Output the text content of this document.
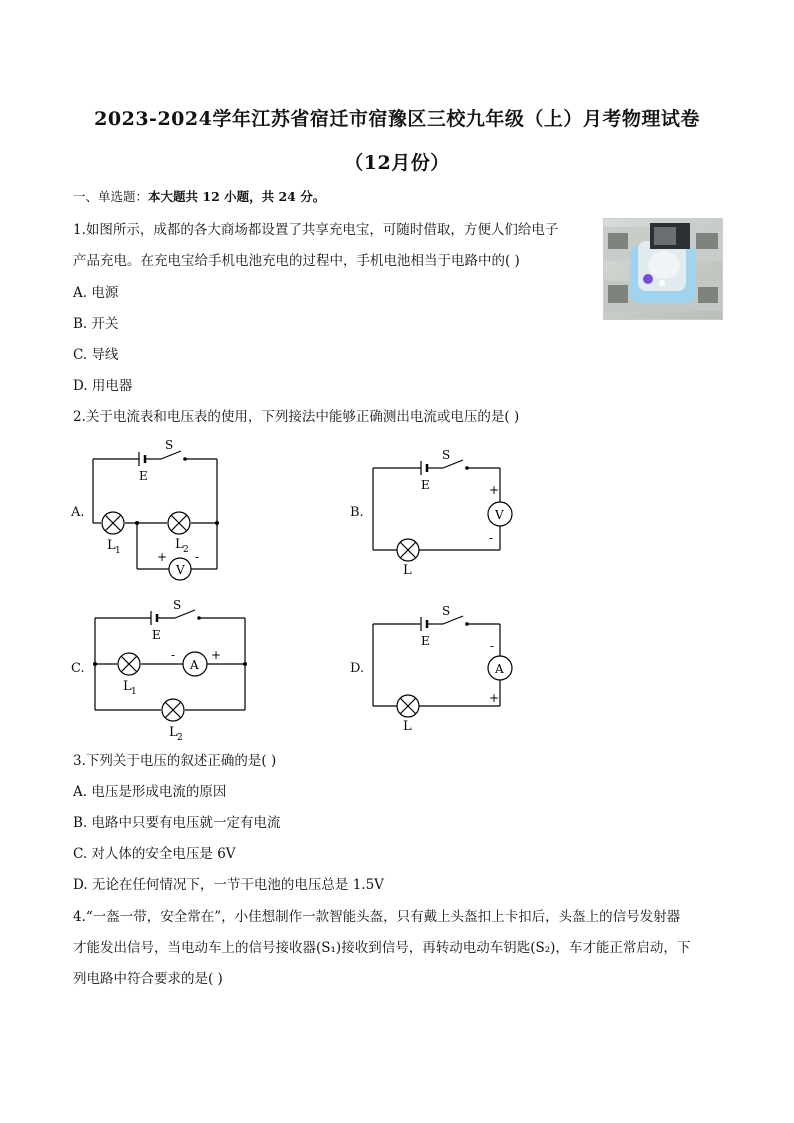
2023-2024学年江苏省宿迁市宿豫区三校九年级（上）月考物理试卷
（12月份）
一、单选题：本大题共 12 小题，共 24 分。
1.如图所示，成都的各大商场都设置了共享充电宝，可随时借取，方便人们给电子
产品充电。在充电宝给手机电池充电的过程中，手机电池相当于电路中的( )
A. 电源
B. 开关
C. 导线
D. 用电器
2.关于电流表和电压表的使用，下列接法中能够正确测出电流或电压的是( )
A.	B.
C.	D.
S
E
L 1	L 2
V
+ -
S
E
V
+
-
L
S
E
L 1
A
-	+
L 2
S
E
A
-
+
L
3.下列关于电压的叙述正确的是( )
A. 电压是形成电流的原因
B. 电路中只要有电压就一定有电流
C. 对人体的安全电压是 6V
D. 无论在任何情况下，一节干电池的电压总是 1.5V
4.“一盔一带，安全常在”，小佳想制作一款智能头盔，只有戴上头盔扣上卡扣后，头盔上的信号发射器
才能发出信号，当电动车上的信号接收器(S₁)接收到信号，再转动电动车钥匙(S₂)，车才能正常启动，下
列电路中符合要求的是( )
